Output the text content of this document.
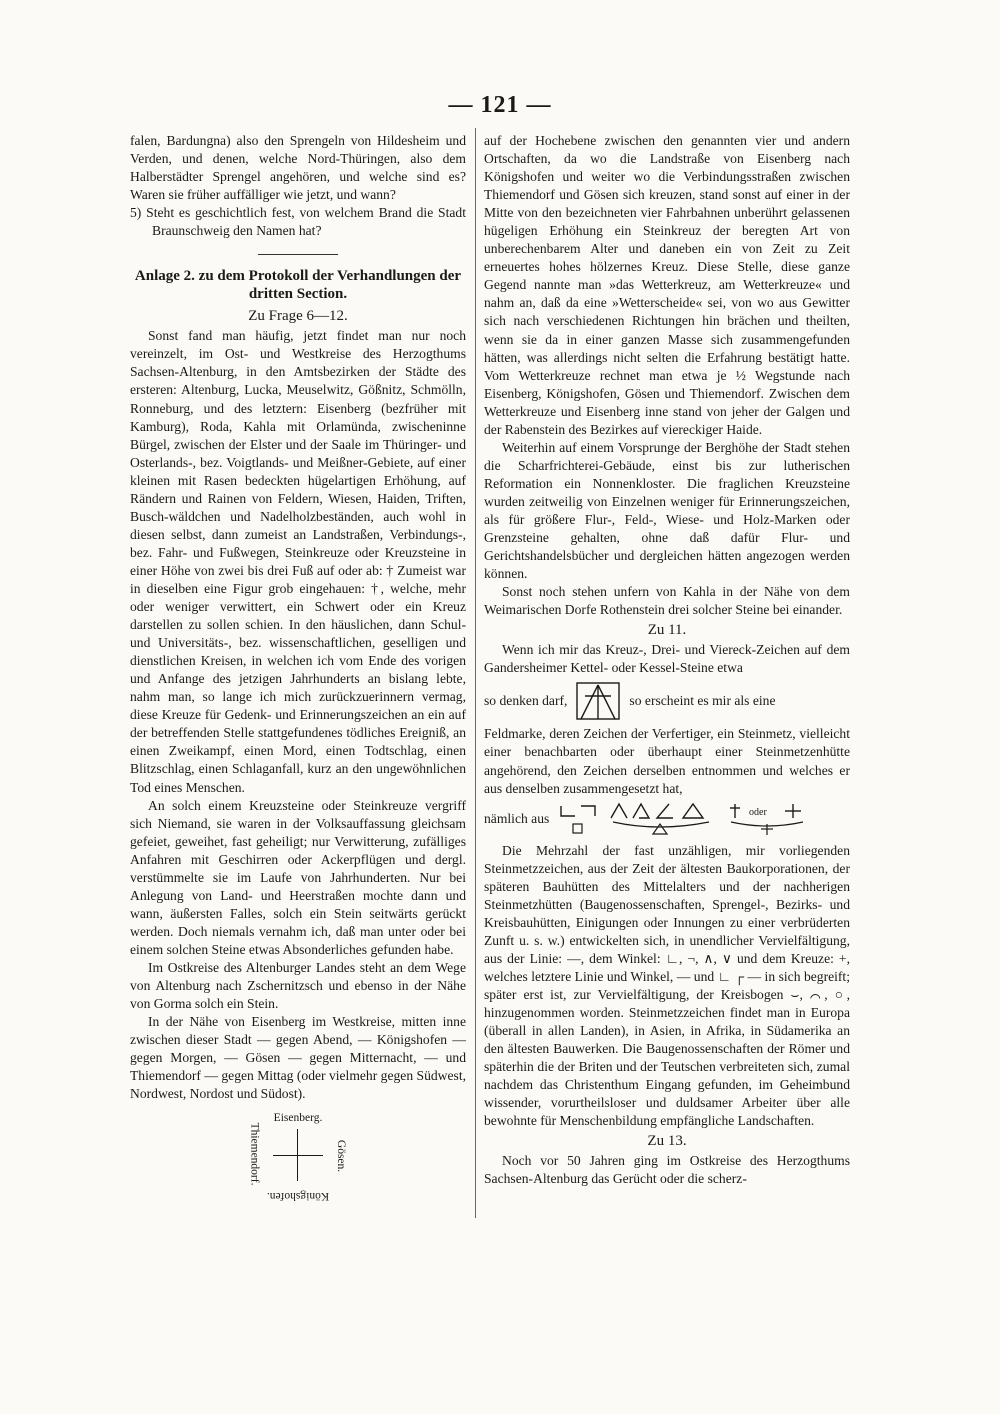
— 121 —

falen, Bardungna) also den Sprengeln von Hildesheim und Verden, und denen, welche Nord-Thüringen, also dem Halberstädter Sprengel angehören, und welche sind es? Waren sie früher auffälliger wie jetzt, und wann?

5) Steht es geschichtlich fest, von welchem Brand die Stadt Braunschweig den Namen hat?

Anlage 2. zu dem Protokoll der Verhandlungen der dritten Section.

Zu Frage 6—12.

Sonst fand man häufig, jetzt findet man nur noch vereinzelt, im Ost- und Westkreise des Herzogthums Sachsen-Altenburg, in den Amtsbezirken der Städte des ersteren: Altenburg, Lucka, Meuselwitz, Gößnitz, Schmölln, Ronneburg, und des letztern: Eisenberg (bezfrüher mit Kamburg), Roda, Kahla mit Orlamünda, zwischeninne Bürgel, zwischen der Elster und der Saale im Thüringer- und Osterlands-, bez. Voigtlands- und Meißner-Gebiete, auf einer kleinen mit Rasen bedeckten hügelartigen Erhöhung, auf Rändern und Rainen von Feldern, Wiesen, Haiden, Triften, Busch-wäldchen und Nadelholzbeständen, auch wohl in diesen selbst, dann zumeist an Landstraßen, Verbindungs-, bez. Fahr- und Fußwegen, Steinkreuze oder Kreuzsteine in einer Höhe von zwei bis drei Fuß auf oder ab: † Zumeist war in dieselben eine Figur grob eingehauen: †, welche, mehr oder weniger verwittert, ein Schwert oder ein Kreuz darstellen zu sollen schien. In den häuslichen, dann Schul- und Universitäts-, bez. wissenschaftlichen, geselligen und dienstlichen Kreisen, in welchen ich vom Ende des vorigen und Anfange des jetzigen Jahrhunderts an bislang lebte, nahm man, so lange ich mich zurückzuerinnern vermag, diese Kreuze für Gedenk- und Erinnerungszeichen an ein auf der betreffenden Stelle stattgefundenes tödliches Ereigniß, an einen Zweikampf, einen Mord, einen Todtschlag, einen Blitzschlag, einen Schlaganfall, kurz an den ungewöhnlichen Tod eines Menschen.

An solch einem Kreuzsteine oder Steinkreuze vergriff sich Niemand, sie waren in der Volksauffassung gleichsam gefeiet, geweihet, fast geheiligt; nur Verwitterung, zufälliges Anfahren mit Geschirren oder Ackerpflügen und dergl. verstümmelte sie im Laufe von Jahrhunderten. Nur bei Anlegung von Land- und Heerstraßen mochte dann und wann, äußersten Falles, solch ein Stein seitwärts gerückt werden. Doch niemals vernahm ich, daß man unter oder bei einem solchen Steine etwas Absonderliches gefunden habe.

Im Ostkreise des Altenburger Landes steht an dem Wege von Altenburg nach Zschernitzsch und ebenso in der Nähe von Gorma solch ein Stein.

In der Nähe von Eisenberg im Westkreise, mitten inne zwischen dieser Stadt — gegen Abend, — Königshofen — gegen Morgen, — Gösen — gegen Mitternacht, — und Thiemendorf — gegen Mittag (oder vielmehr gegen Südwest, Nordwest, Nordost und Südost).

Eisenberg.
Thiemendorf.	Gösen.
Königshofen.

auf der Hochebene zwischen den genannten vier und andern Ortschaften, da wo die Landstraße von Eisenberg nach Königshofen und weiter wo die Verbindungsstraßen zwischen Thiemendorf und Gösen sich kreuzen, stand sonst auf einer in der Mitte von den bezeichneten vier Fahrbahnen unberührt gelassenen hügeligen Erhöhung ein Steinkreuz der beregten Art von unberechenbarem Alter und daneben ein von Zeit zu Zeit erneuertes hohes hölzernes Kreuz. Diese Stelle, diese ganze Gegend nannte man »das Wetterkreuz, am Wetterkreuze« und nahm an, daß da eine »Wetterscheide« sei, von wo aus Gewitter sich nach verschiedenen Richtungen hin brächen und theilten, wenn sie da in einer ganzen Masse sich zusammengefunden hätten, was allerdings nicht selten die Erfahrung bestätigt hatte. Vom Wetterkreuze rechnet man etwa je ½ Wegstunde nach Eisenberg, Königshofen, Gösen und Thiemendorf. Zwischen dem Wetterkreuze und Eisenberg inne stand von jeher der Galgen und der Rabenstein des Bezirkes auf viereckiger Haide.

Weiterhin auf einem Vorsprunge der Berghöhe der Stadt stehen die Scharfrichterei-Gebäude, einst bis zur lutherischen Reformation ein Nonnenkloster. Die fraglichen Kreuzsteine wurden zeitweilig von Einzelnen weniger für Erinnerungszeichen, als für größere Flur-, Feld-, Wiese- und Holz-Marken oder Grenzsteine gehalten, ohne daß dafür Flur- und Gerichtshandelsbücher und dergleichen hätten angezogen werden können.

Sonst noch stehen unfern von Kahla in der Nähe von dem Weimarischen Dorfe Rothenstein drei solcher Steine bei einander.

Zu 11.

Wenn ich mir das Kreuz-, Drei- und Viereck-Zeichen auf dem Gandersheimer Kettel- oder Kessel-Steine etwa

so denken darf,	so erscheint es mir als eine

Feldmarke, deren Zeichen der Verfertiger, ein Steinmetz, vielleicht einer benachbarten oder überhaupt einer Steinmetzenhütte angehörend, den Zeichen derselben entnommen und welches er aus denselben zusammengesetzt hat,

nämlich aus	oder

Die Mehrzahl der fast unzähligen, mir vorliegenden Steinmetzzeichen, aus der Zeit der ältesten Baukorporationen, der späteren Bauhütten des Mittelalters und der nachherigen Steinmetzhütten (Baugenossenschaften, Sprengel-, Bezirks- und Kreisbauhütten, Einigungen oder Innungen zu einer verbrüderten Zunft u. s. w.) entwickelten sich, in unendlicher Vervielfältigung, aus der Linie: —, dem Winkel: ∟, ¬, ∧, ∨ und dem Kreuze: +, welches letztere Linie und Winkel, — und ∟ ┌ — in sich begreift; später erst ist, zur Vervielfältigung, der Kreisbogen ⌣, ⌒, ○, hinzugenommen worden. Steinmetzzeichen findet man in Europa (überall in allen Landen), in Asien, in Afrika, in Südamerika an den ältesten Bauwerken. Die Baugenossenschaften der Römer und späterhin die der Briten und der Teutschen verbreiteten sich, zumal nachdem das Christenthum Eingang gefunden, im Geheimbund wissender, vorurtheilsloser und duldsamer Arbeiter über alle bewohnte für Menschenbildung empfängliche Landschaften.

Zu 13.

Noch vor 50 Jahren ging im Ostkreise des Herzogthums Sachsen-Altenburg das Gerücht oder die scherz-
